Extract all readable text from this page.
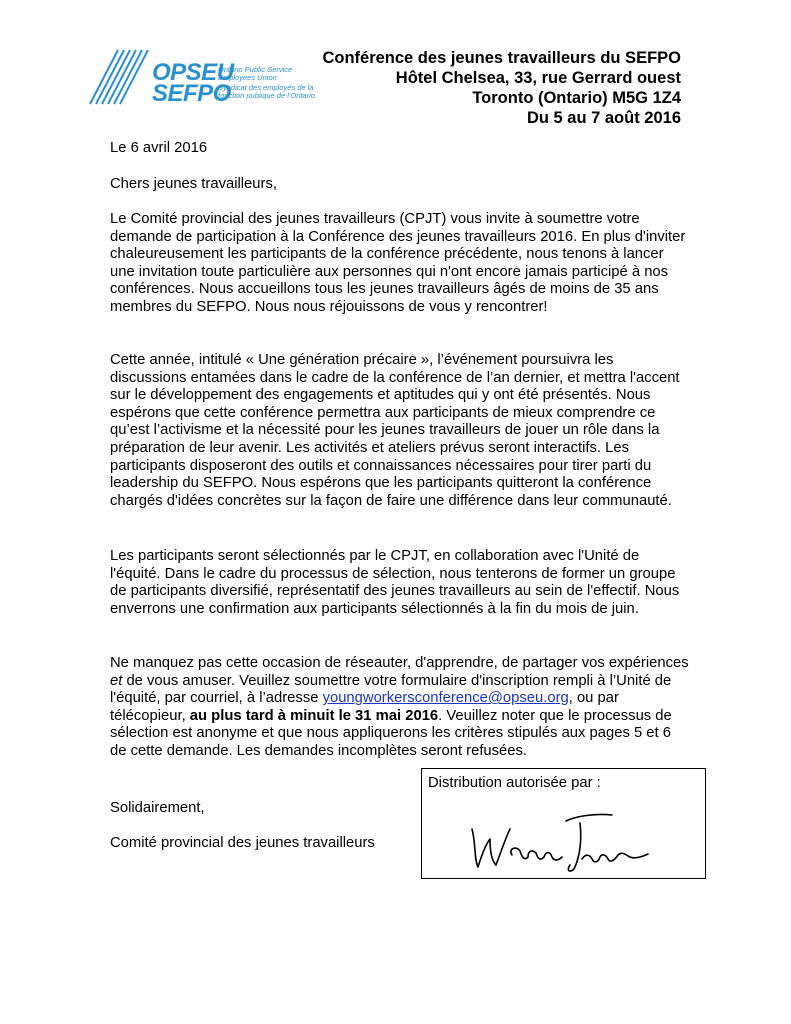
OPSEU
SEFPO
Ontario Public Service
Employees Union
Syndicat des employés de la
fonction publique de l'Ontario
Conférence des jeunes travailleurs du SEFPO
Hôtel Chelsea, 33, rue Gerrard ouest
Toronto (Ontario) M5G 1Z4
Du 5 au 7 août 2016

Le 6 avril 2016

Chers jeunes travailleurs,

Le Comité provincial des jeunes travailleurs (CPJT) vous invite à soumettre votre demande de participation à la Conférence des jeunes travailleurs 2016. En plus d'inviter chaleureusement les participants de la conférence précédente, nous tenons à lancer une invitation toute particulière aux personnes qui n'ont encore jamais participé à nos conférences. Nous accueillons tous les jeunes travailleurs âgés de moins de 35 ans membres du SEFPO. Nous nous réjouissons de vous y rencontrer!

Cette année, intitulé « Une génération précaire », l’événement poursuivra les discussions entamées dans le cadre de la conférence de l’an dernier, et mettra l'accent sur le développement des engagements et aptitudes qui y ont été présentés. Nous espérons que cette conférence permettra aux participants de mieux comprendre ce qu’est l’activisme et la nécessité pour les jeunes travailleurs de jouer un rôle dans la préparation de leur avenir. Les activités et ateliers prévus seront interactifs. Les participants disposeront des outils et connaissances nécessaires pour tirer parti du leadership du SEFPO. Nous espérons que les participants quitteront la conférence chargés d'idées concrètes sur la façon de faire une différence dans leur communauté.

Les participants seront sélectionnés par le CPJT, en collaboration avec l'Unité de l'équité. Dans le cadre du processus de sélection, nous tenterons de former un groupe de participants diversifié, représentatif des jeunes travailleurs au sein de l'effectif. Nous enverrons une confirmation aux participants sélectionnés à la fin du mois de juin.

Ne manquez pas cette occasion de réseauter, d'apprendre, de partager vos expériences et de vous amuser. Veuillez soumettre votre formulaire d'inscription rempli à l’Unité de l'équité, par courriel, à l’adresse youngworkersconference@opseu.org, ou par télécopieur, au plus tard à minuit le 31 mai 2016. Veuillez noter que le processus de sélection est anonyme et que nous appliquerons les critères stipulés aux pages 5 et 6 de cette demande. Les demandes incomplètes seront refusées.

Solidairement,

Comité provincial des jeunes travailleurs

Distribution autorisée par :
